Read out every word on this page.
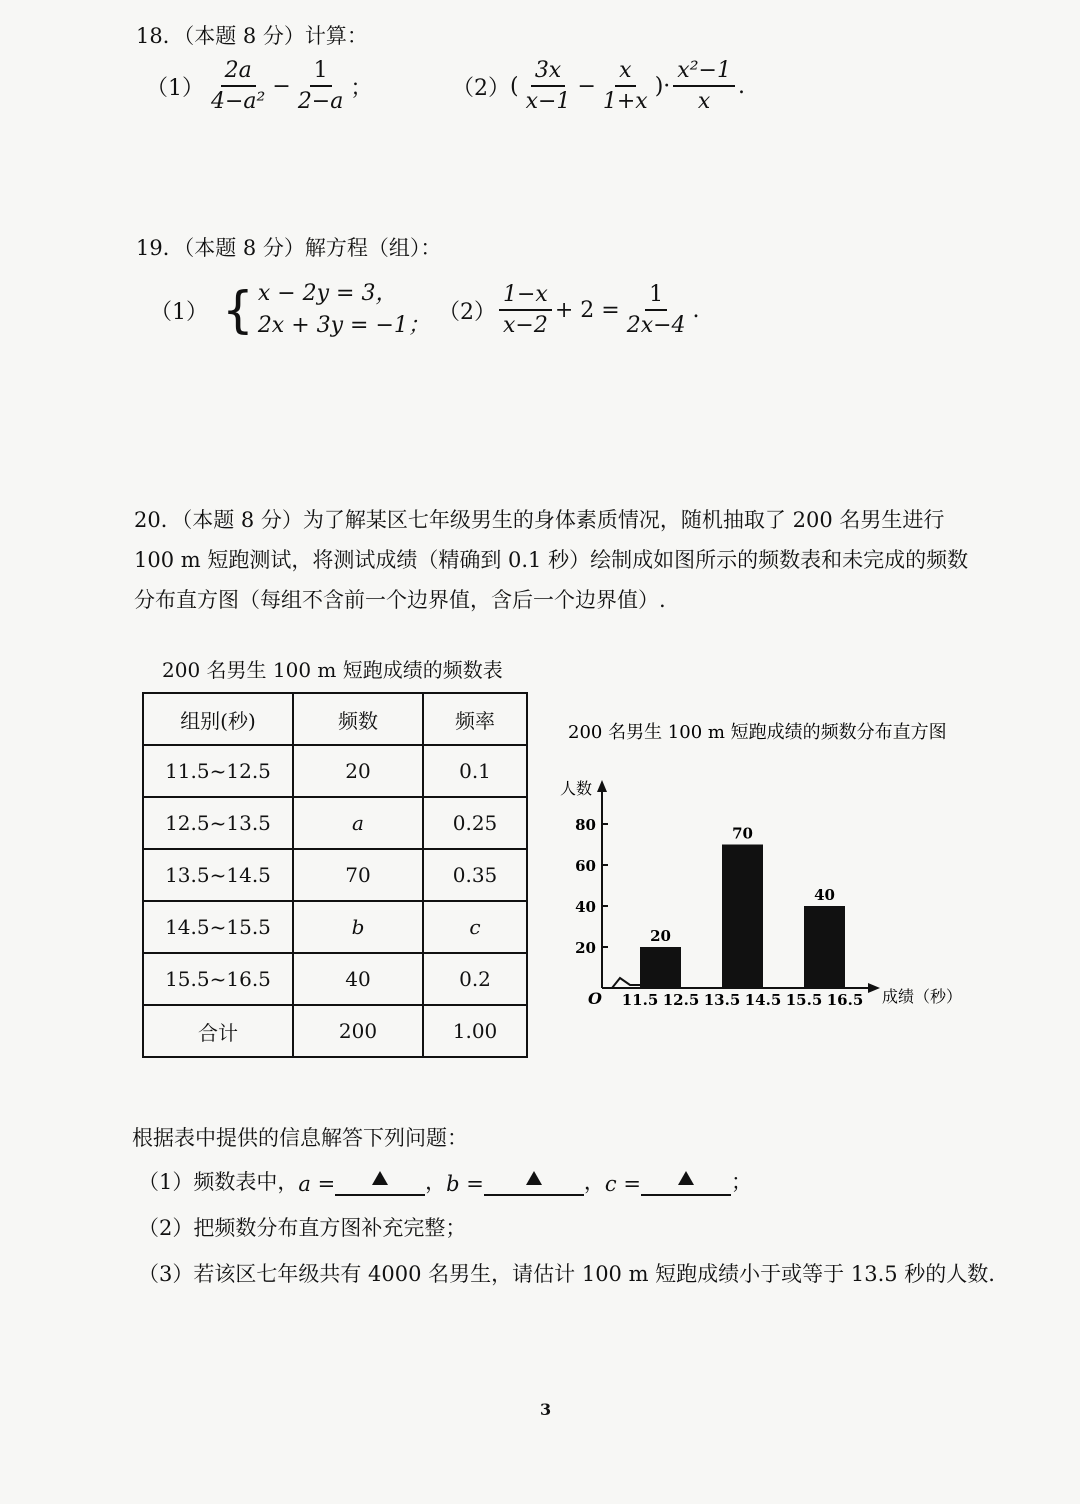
18．（本题 8 分）计算：
$(1) \frac{2a}{\text{4−a²}} - \frac{1}{2-a}$ ；	（2） ( $\frac{3x}{x-1} - \frac{x}{1+x}$ )· $\frac{\text{x²−1}}{x}$ .
19．（本题 8 分）解方程（组）：
（1） { x − 2y = 3，
2x + 3y = −1；
$(2) \frac{1-x}{x-2} + 2 = \frac{1}{2x-4}$ .
20．（本题 8 分）为了解某区七年级男生的身体素质情况，随机抽取了 200 名男生进行 100 m 短跑测试，将测试成绩（精确到 0.1 秒）绘制成如图所示的频数表和未完成的频数分布直方图（每组不含前一个边界值，含后一个边界值）.
200 名男生 100 m 短跑成绩的频数表
组别(秒)	频数	频率
11.5~12.5	20	0.1
12.5~13.5	a	0.25
13.5~14.5	70	0.35
14.5~15.5	b	c
15.5~16.5	40	0.2
合计	200	1.00
200 名男生 100 m 短跑成绩的频数分布直方图
人数
成绩（秒）
O
20
40
60
80
11.5 12.5 13.5 14.5 15.5 16.5
20
70
40
根据表中提供的信息解答下列问题：
（1）频数表中， a =	， b =	， c =	；
（2）把频数分布直方图补充完整；
（3）若该区七年级共有 4000 名男生，请估计 100 m 短跑成绩小于或等于 13.5 秒的人数.
3
